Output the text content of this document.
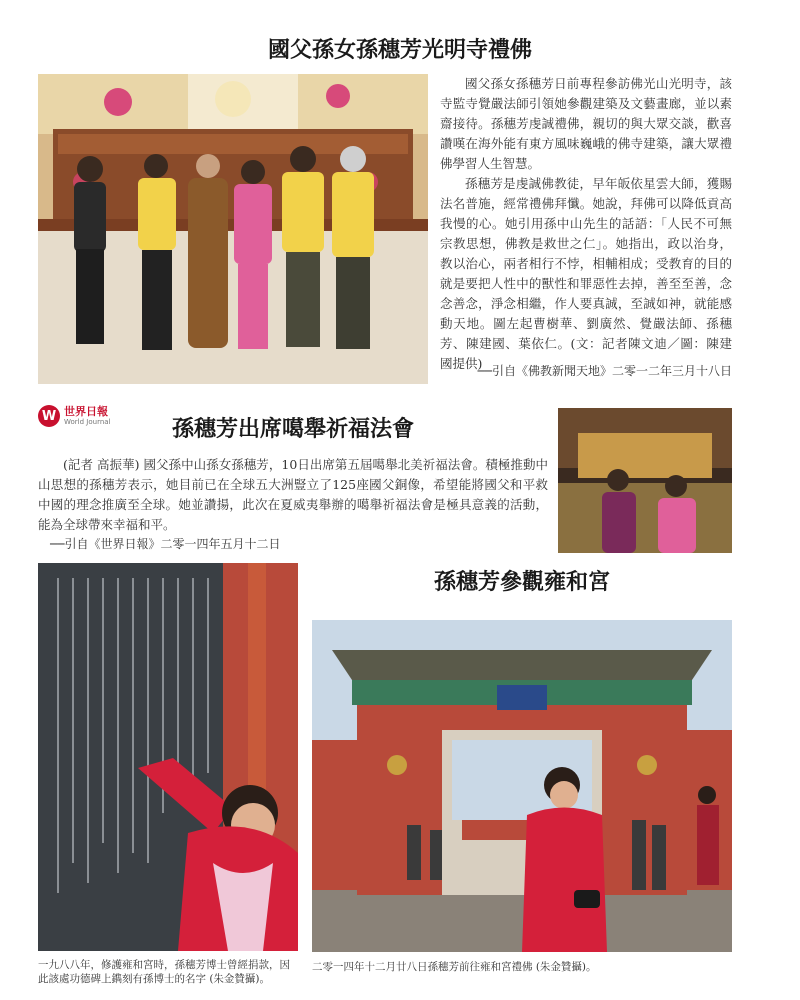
國父孫女孫穗芳光明寺禮佛

國父孫女孫穗芳日前專程參訪佛光山光明寺，該寺監寺覺嚴法師引領她參觀建築及文藝畫廊，並以素齋接待。孫穗芳虔誠禮佛，親切的與大眾交談，歡喜讚嘆在海外能有東方風味巍峨的佛寺建築，讓大眾禮佛學習人生智慧。

孫穗芳是虔誠佛教徒，早年皈依星雲大師，獲賜法名普施，經常禮佛拜懺。她說，拜佛可以降低貢高我慢的心。她引用孫中山先生的話語：「人民不可無宗教思想，佛教是救世之仁」。她指出，政以治身，教以治心，兩者相行不悖，相輔相成；受教育的目的就是要把人性中的獸性和罪惡性去掉，善至至善，念念善念，淨念相繼，作人要真誠，至誠如神，就能感動天地。圖左起曹樹華、劉廣然、覺嚴法師、孫穗芳、陳建國、葉依仁。(文：記者陳文迪／圖：陳建國提供)

──引自《佛教新聞天地》二零一二年三月十八日
W 世界日報
World Journal	孫穗芳出席噶舉祈福法會

(記者 高振華) 國父孫中山孫女孫穗芳，10日出席第五屆噶舉北美祈福法會。積極推動中山思想的孫穗芳表示，她目前已在全球五大洲豎立了125座國父銅像，希望能將國父和平救中國的理念推廣至全球。她並讚揚，此次在夏威夷舉辦的噶舉祈福法會是極具意義的活動，能為全球帶來幸福和平。

──引自《世界日報》二零一四年五月十二日
孫穗芳參觀雍和宮
一九八八年，修護雍和宮時，孫穗芳博士曾經捐款，因此該處功德碑上鐫刻有孫博士的名字 (朱金贊攝)。
二零一四年十二月廿八日孫穗芳前往雍和宮禮佛 (朱金贊攝)。
